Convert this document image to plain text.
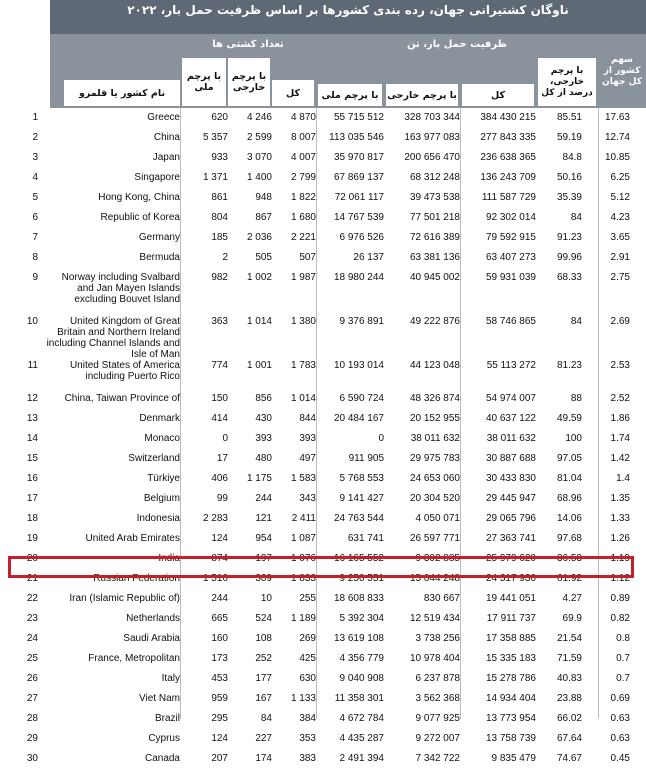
ناوگان کشتیرانی جهان، رده بندی کشورها بر اساس ظرفیت حمل بار، ۲۰۲۲
سهم کشور از کل جهان
تعداد کشتی ها	ظرفیت حمل بار، تن
نام کشور یا قلمرو
با پرچم ملی
با پرچم خارجی	کل	با پرچم ملی با پرچم خارجی	کل
با پرچم خارجی، درصد از کل
1	Greece	620	4 246	4 870	55 715 512	328 703 344	384 430 215	85.51	17.63
2	China	5 357	2 599	8 007	113 035 546	163 977 083	277 843 335	59.19	12.74
3	Japan	933	3 070	4 007	35 970 817	200 656 470	236 638 365	84.8	10.85
4	Singapore	1 371	1 400	2 799	67 869 137	68 312 248	136 243 709	50.16	6.25
5	Hong Kong, China	861	948	1 822	72 061 117	39 473 538	111 587 729	35.39	5.12
6	Republic of Korea	804	867	1 680	14 767 539	77 501 218	92 302 014	84	4.23
7	Germany	185	2 036	2 221	6 976 526	72 616 389	79 592 915	91.23	3.65
8	Bermuda	2	505	507	26 137	63 381 136	63 407 273	99.96	2.91
9	Norway including Svalbard and Jan Mayen Islands excluding Bouvet Island
982	1 002	1 987	18 980 244	40 945 002	59 931 039	68.33	2.75
10	United Kingdom of Great Britain and Northern Ireland including Channel Islands and Isle of Man
363	1 014	1 380	9 376 891	49 222 876	58 746 865	84	2.69
11	United States of America including Puerto Rico
774	1 001	1 783	10 193 014	44 123 048	55 113 272	81.23	2.53
12	China, Taiwan Province of	150	856	1 014	6 590 724	48 326 874	54 974 007	88	2.52
13	Denmark	414	430	844	20 484 167	20 152 955	40 637 122	49.59	1.86
14	Monaco	0	393	393	0	38 011 632	38 011 632	100	1.74
15	Switzerland	17	480	497	911 905	29 975 783	30 887 688	97.05	1.42
16	Türkiye	406	1 175	1 583	5 768 553	24 653 060	30 433 830	81.04	1.4
17	Belgium	99	244	343	9 141 427	20 304 520	29 445 947	68.96	1.35
18	Indonesia	2 283	121	2 411	24 763 544	4 050 071	29 065 796	14.06	1.33
19	United Arab Emirates	124	954	1 087	631 741	26 597 771	27 363 741	97.68	1.26
20	India	874	197	1 076	16 165 552	9 302 885	25 979 620	36.53	1.19
21	Russian Federation	1 516	309	1 833	9 250 551	15 044 248	24 317 936	61.92	1.12
22	Iran (Islamic Republic of)	244	10	255	18 608 833	830 667	19 441 051	4.27	0.89
23	Netherlands	665	524	1 189	5 392 304	12 519 434	17 911 737	69.9	0.82
24	Saudi Arabia	160	108	269	13 619 108	3 738 256	17 358 885	21.54	0.8
25	France, Metropolitan	173	252	425	4 356 779	10 978 404	15 335 183	71.59	0.7
26	Italy	453	177	630	9 040 908	6 237 878	15 278 786	40.83	0.7
27	Viet Nam	959	167	1 133	11 358 301	3 562 368	14 934 404	23.88	0.69
28	Brazil	295	84	384	4 672 784	9 077 925	13 773 954	66.02	0.63
29	Cyprus	124	227	353	4 435 287	9 272 007	13 758 739	67.64	0.63
30	Canada	207	174	383	2 491 394	7 342 722	9 835 479	74.67	0.45
